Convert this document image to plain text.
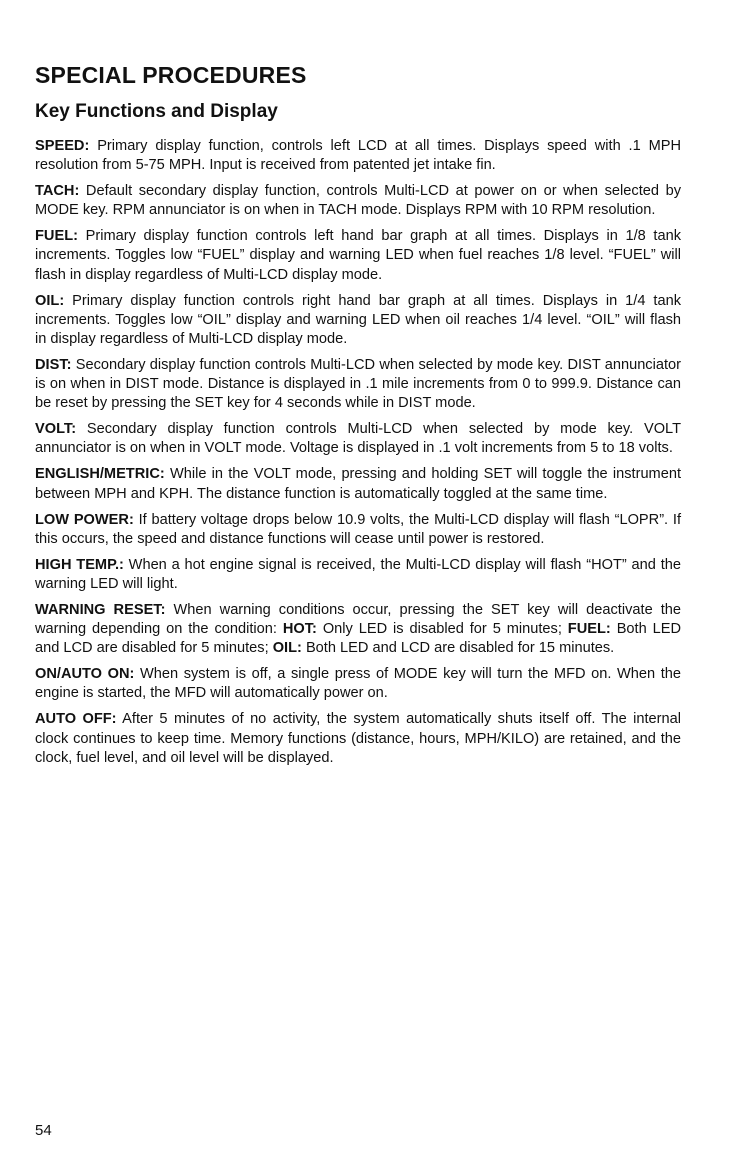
SPECIAL PROCEDURES
Key Functions and Display

SPEED: Primary display function, controls left LCD at all times. Displays speed with .1 MPH resolution from 5-75 MPH. Input is received from patented jet intake fin.

TACH: Default secondary display function, controls Multi-LCD at power on or when selected by MODE key. RPM annunciator is on when in TACH mode. Displays RPM with 10 RPM resolution.

FUEL: Primary display function controls left hand bar graph at all times. Displays in 1/8 tank increments. Toggles low “FUEL” display and warning LED when fuel reaches 1/8 level. “FUEL” will flash in display regardless of Multi-LCD display mode.

OIL: Primary display function controls right hand bar graph at all times. Displays in 1/4 tank increments. Toggles low “OIL” display and warning LED when oil reaches 1/4 level. “OIL” will flash in display regardless of Multi-LCD display mode.

DIST: Secondary display function controls Multi-LCD when selected by mode key. DIST annunciator is on when in DIST mode. Distance is displayed in .1 mile increments from 0 to 999.9. Distance can be reset by pressing the SET key for 4 seconds while in DIST mode.

VOLT: Secondary display function controls Multi-LCD when selected by mode key. VOLT annunciator is on when in VOLT mode. Voltage is displayed in .1 volt increments from 5 to 18 volts.

ENGLISH/METRIC: While in the VOLT mode, pressing and holding SET will toggle the instrument between MPH and KPH. The distance function is automatically toggled at the same time.

LOW POWER: If battery voltage drops below 10.9 volts, the Multi-LCD display will flash “LOPR”. If this occurs, the speed and distance functions will cease until power is restored.

HIGH TEMP.: When a hot engine signal is received, the Multi-LCD display will flash “HOT” and the warning LED will light.

WARNING RESET: When warning conditions occur, pressing the SET key will deactivate the warning depending on the condition: HOT: Only LED is disabled for 5 minutes; FUEL: Both LED and LCD are disabled for 5 minutes; OIL: Both LED and LCD are disabled for 15 minutes.

ON/AUTO ON: When system is off, a single press of MODE key will turn the MFD on. When the engine is started, the MFD will automatically power on.

AUTO OFF: After 5 minutes of no activity, the system automatically shuts itself off. The internal clock continues to keep time. Memory functions (distance, hours, MPH/KILO) are retained, and the clock, fuel level, and oil level will be displayed.

54
